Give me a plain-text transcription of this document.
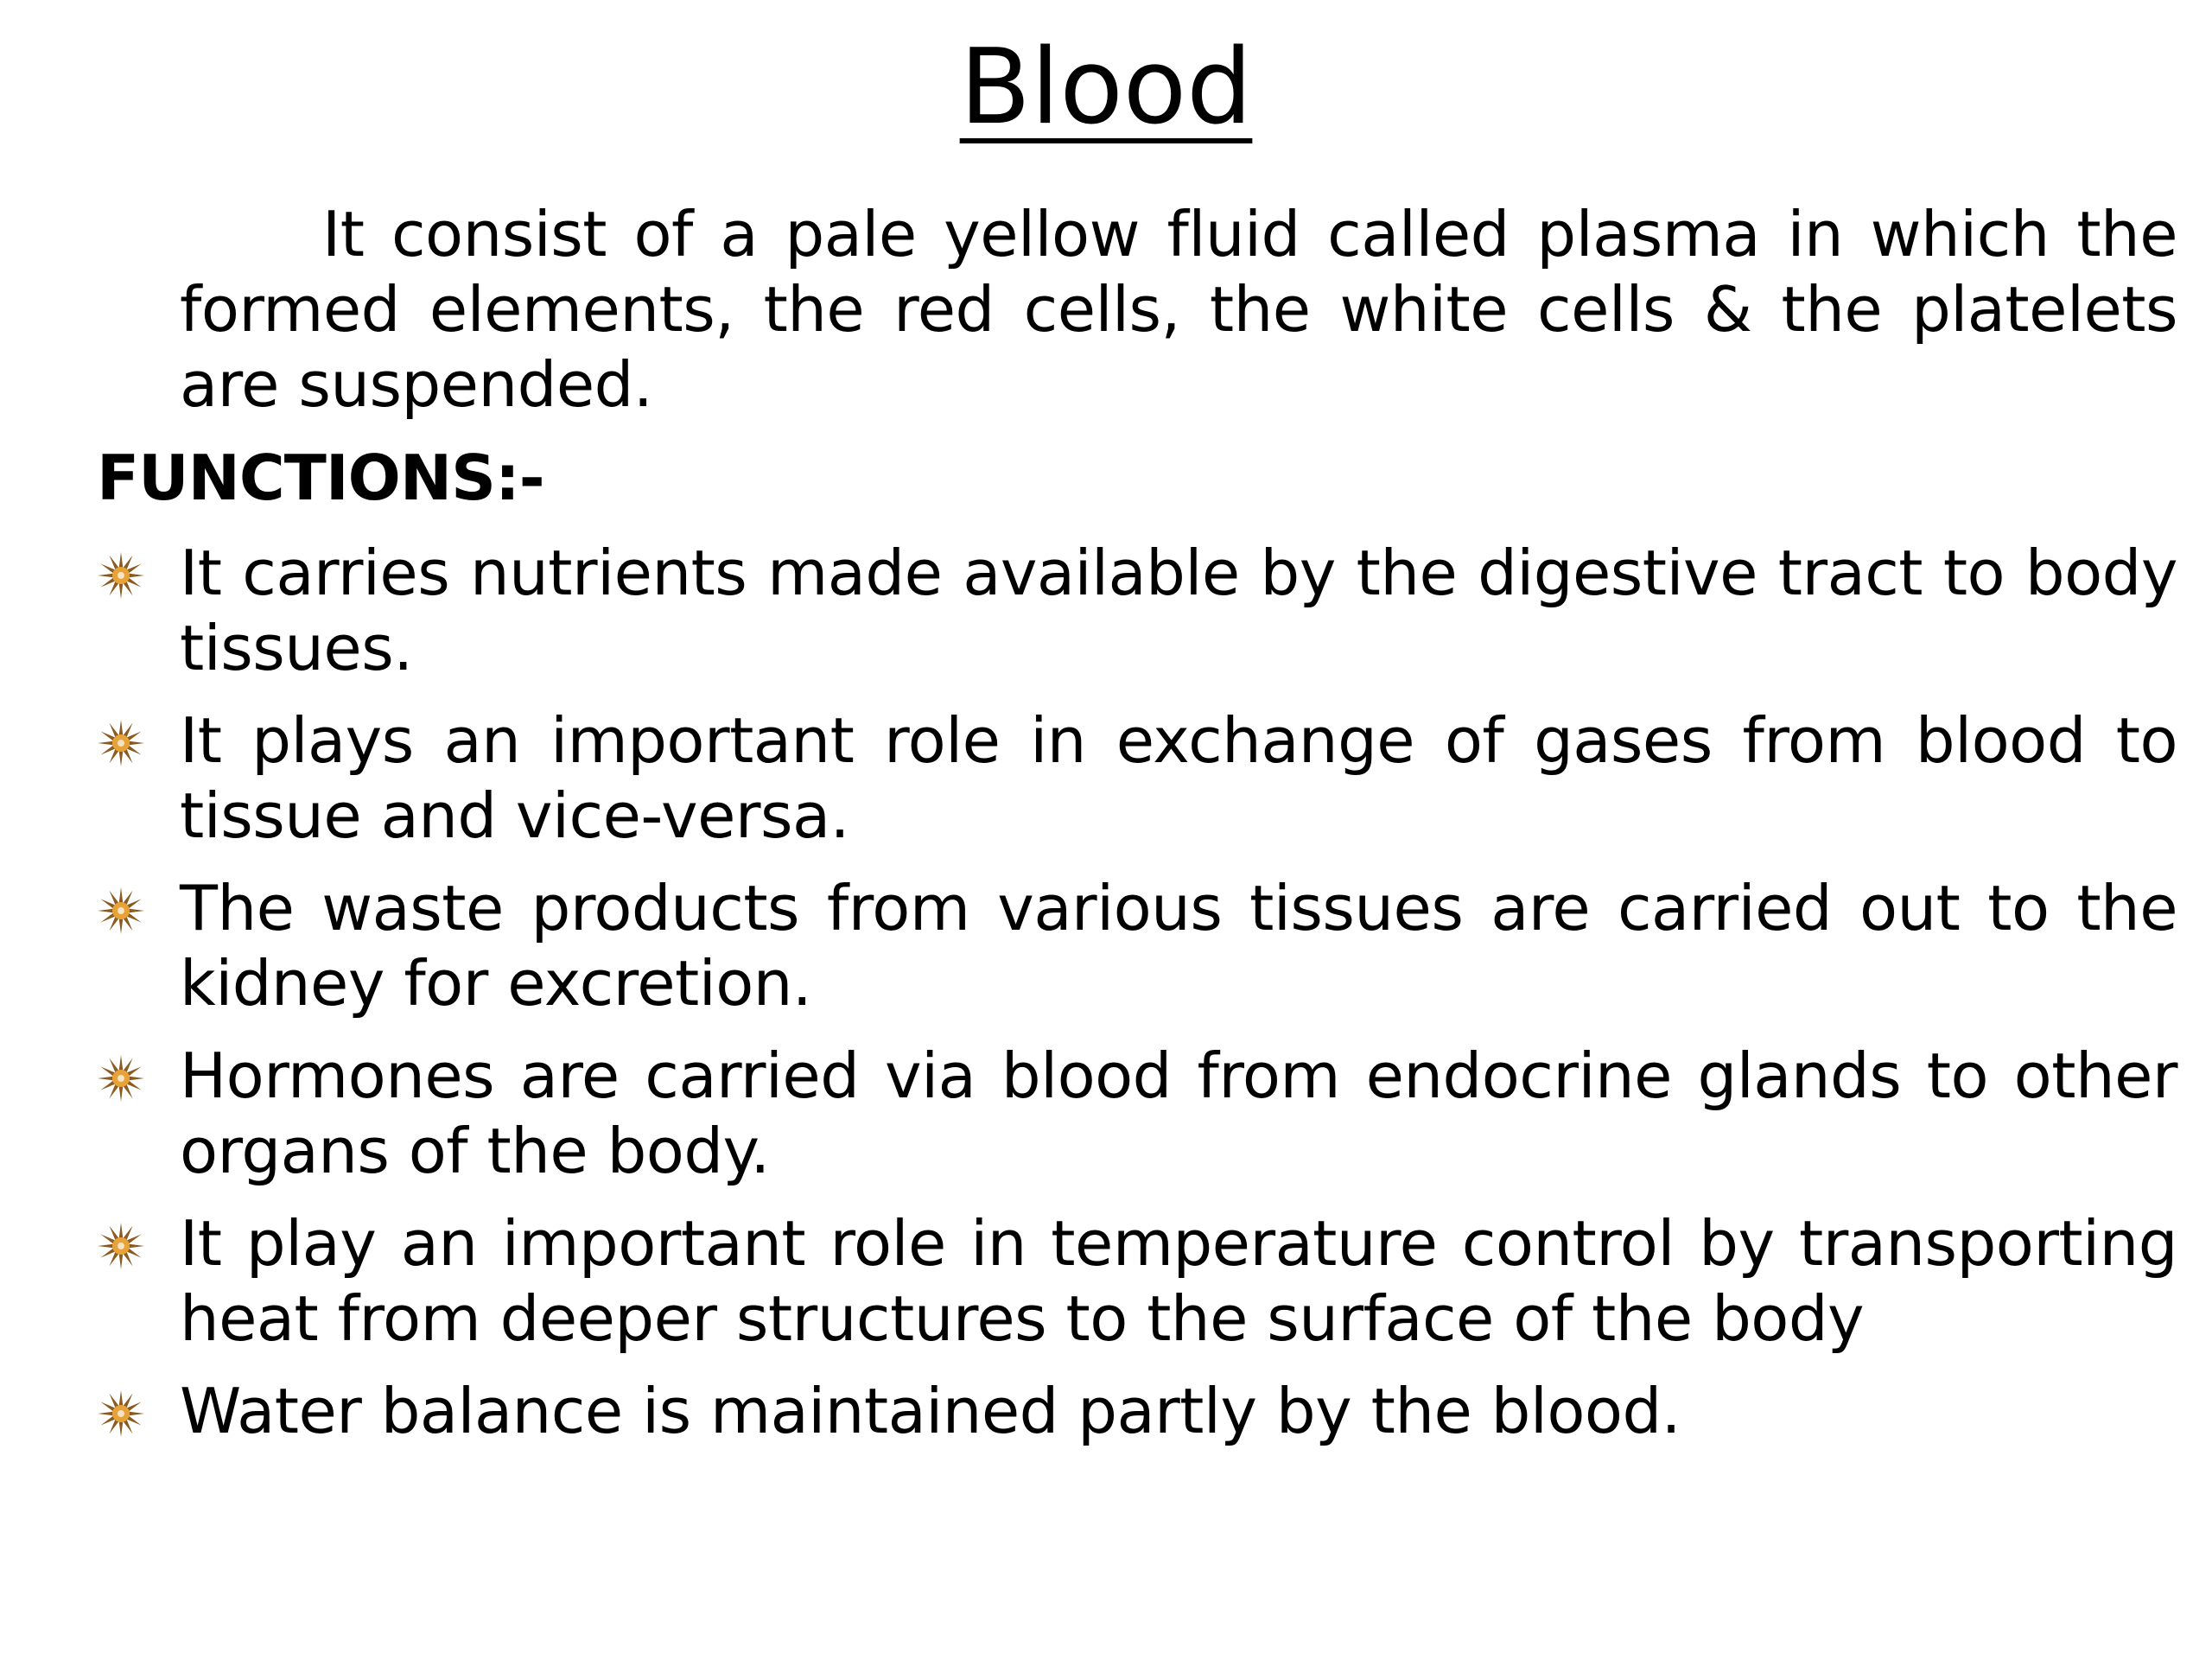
Blood

It consist of a pale yellow fluid called plasma in which the formed elements, the red cells, the white cells & the platelets are suspended.

FUNCTIONS:-

It carries nutrients made available by the digestive tract to body tissues.
It plays an important role in exchange of gases from blood to tissue and vice-versa.
The waste products from various tissues are carried out to the kidney for excretion.
Hormones are carried via blood from endocrine glands to other organs of the body.
It play an important role in temperature control by transporting heat from deeper structures to the surface of the body
Water balance is maintained partly by the blood.
